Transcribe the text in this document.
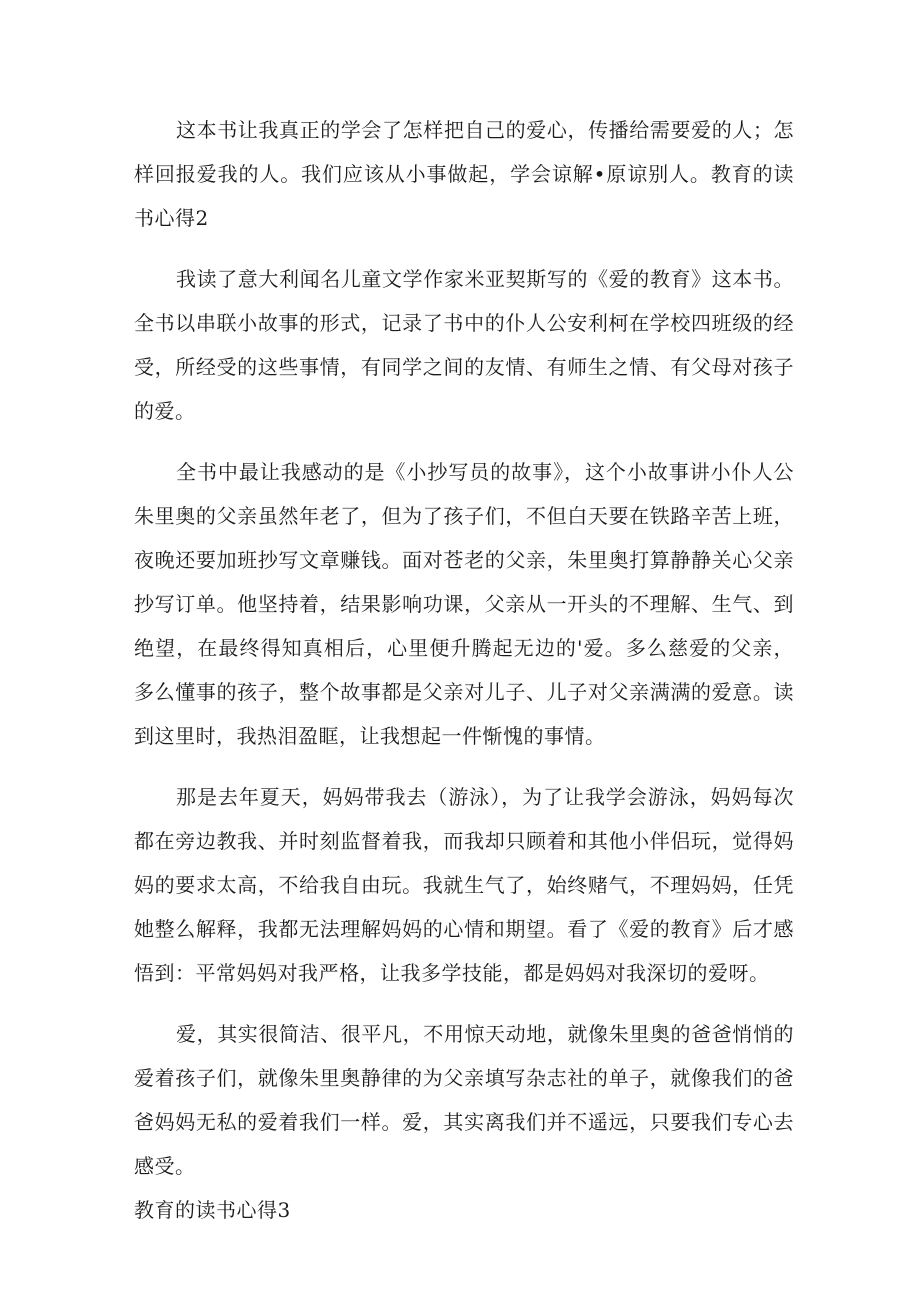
这本书让我真正的学会了怎样把自己的爱心，传播给需要爱的人；怎样回报爱我的人。我们应该从小事做起，学会谅解•原谅别人。教育的读书心得2

我读了意大利闻名儿童文学作家米亚契斯写的《爱的教育》这本书。全书以串联小故事的形式，记录了书中的仆人公安利柯在学校四班级的经受，所经受的这些事情，有同学之间的友情、有师生之情、有父母对孩子的爱。

全书中最让我感动的是《小抄写员的故事》，这个小故事讲小仆人公朱里奥的父亲虽然年老了，但为了孩子们，不但白天要在铁路辛苦上班，夜晚还要加班抄写文章赚钱。面对苍老的父亲，朱里奥打算静静关心父亲抄写订单。他坚持着，结果影响功课，父亲从一开头的不理解、生气、到绝望，在最终得知真相后，心里便升腾起无边的'爱。多么慈爱的父亲，多么懂事的孩子，整个故事都是父亲对儿子、儿子对父亲满满的爱意。读到这里时，我热泪盈眶，让我想起一件惭愧的事情。

那是去年夏天，妈妈带我去（游泳），为了让我学会游泳，妈妈每次都在旁边教我、并时刻监督着我，而我却只顾着和其他小伴侣玩，觉得妈妈的要求太高，不给我自由玩。我就生气了，始终赌气，不理妈妈，任凭她整么解释，我都无法理解妈妈的心情和期望。看了《爱的教育》后才感悟到：平常妈妈对我严格，让我多学技能，都是妈妈对我深切的爱呀。

爱，其实很简洁、很平凡，不用惊天动地，就像朱里奥的爸爸悄悄的爱着孩子们，就像朱里奥静律的为父亲填写杂志社的单子，就像我们的爸爸妈妈无私的爱着我们一样。爱，其实离我们并不遥远，只要我们专心去感受。

教育的读书心得3
